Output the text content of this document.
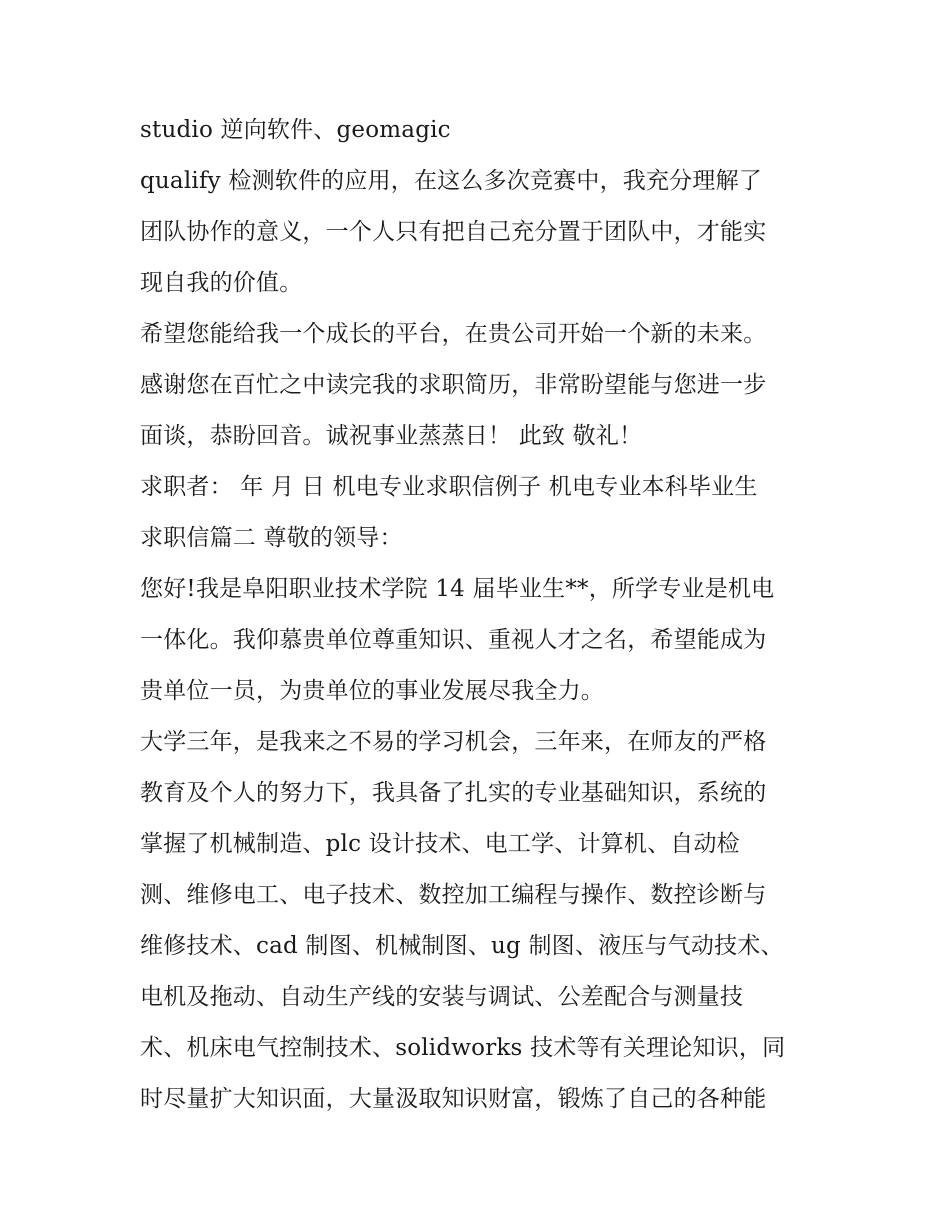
studio 逆向软件、geomagic
qualify 检测软件的应用，在这么多次竞赛中，我充分理解了
团队协作的意义，一个人只有把自己充分置于团队中，才能实
现自我的价值。
希望您能给我一个成长的平台，在贵公司开始一个新的未来。
感谢您在百忙之中读完我的求职简历，非常盼望能与您进一步
面谈，恭盼回音。诚祝事业蒸蒸日！ 此致 敬礼！
求职者： 年 月 日 机电专业求职信例子 机电专业本科毕业生
求职信篇二 尊敬的领导：
您好!我是阜阳职业技术学院 14 届毕业生**，所学专业是机电
一体化。我仰慕贵单位尊重知识、重视人才之名，希望能成为
贵单位一员，为贵单位的事业发展尽我全力。
大学三年，是我来之不易的学习机会，三年来，在师友的严格
教育及个人的努力下，我具备了扎实的专业基础知识，系统的
掌握了机械制造、plc 设计技术、电工学、计算机、自动检
测、维修电工、电子技术、数控加工编程与操作、数控诊断与
维修技术、cad 制图、机械制图、ug 制图、液压与气动技术、
电机及拖动、自动生产线的安装与调试、公差配合与测量技
术、机床电气控制技术、solidworks 技术等有关理论知识，同
时尽量扩大知识面，大量汲取知识财富，锻炼了自己的各种能
